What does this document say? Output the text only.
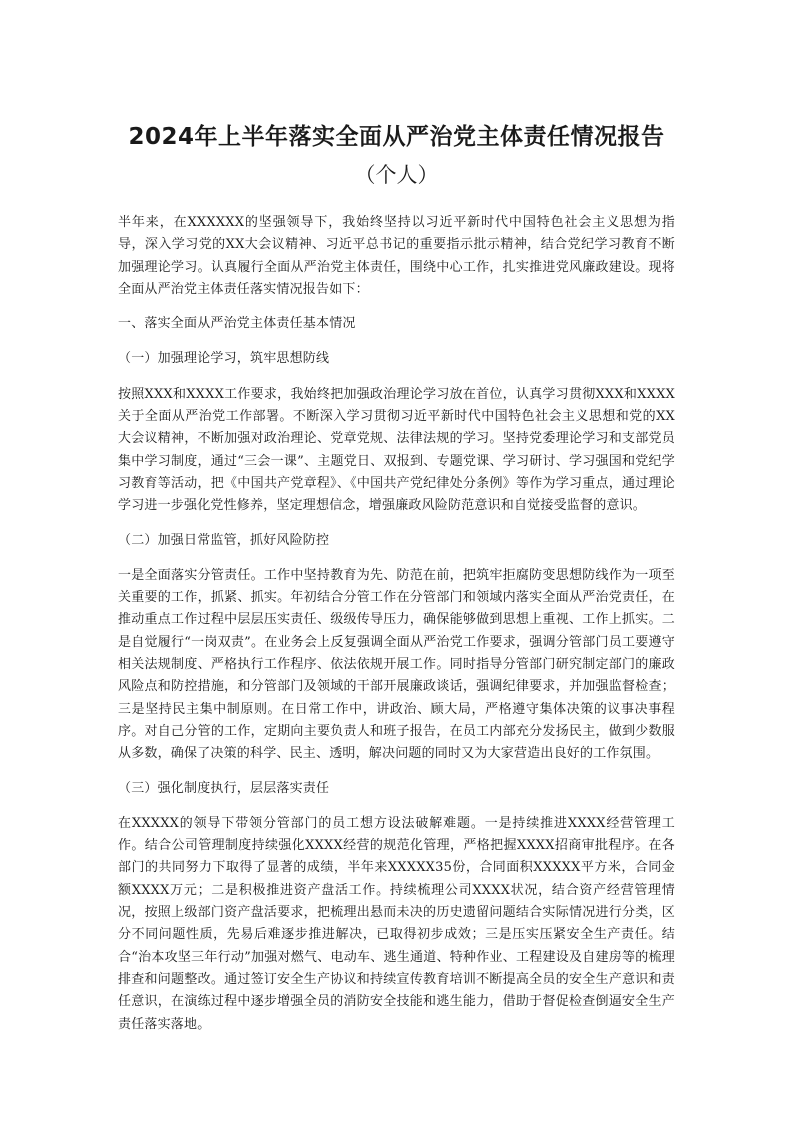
2024年上半年落实全面从严治党主体责任情况报告
（个人）

半年来，在XXXXXX的坚强领导下，我始终坚持以习近平新时代中国特色社会主义思想为指导，深入学习党的XX大会议精神、习近平总书记的重要指示批示精神，结合党纪学习教育不断加强理论学习。认真履行全面从严治党主体责任，围绕中心工作，扎实推进党风廉政建设。现将全面从严治党主体责任落实情况报告如下：

一、落实全面从严治党主体责任基本情况
（一）加强理论学习，筑牢思想防线

按照XXX和XXXX工作要求，我始终把加强政治理论学习放在首位，认真学习贯彻XXX和XXXX关于全面从严治党工作部署。不断深入学习贯彻习近平新时代中国特色社会主义思想和党的XX大会议精神，不断加强对政治理论、党章党规、法律法规的学习。坚持党委理论学习和支部党员集中学习制度，通过“三会一课”、主题党日、双报到、专题党课、学习研讨、学习强国和党纪学习教育等活动，把《中国共产党章程》、《中国共产党纪律处分条例》等作为学习重点，通过理论学习进一步强化党性修养，坚定理想信念，增强廉政风险防范意识和自觉接受监督的意识。

（二）加强日常监管，抓好风险防控

一是全面落实分管责任。工作中坚持教育为先、防范在前，把筑牢拒腐防变思想防线作为一项至关重要的工作，抓紧、抓实。年初结合分管工作在分管部门和领域内落实全面从严治党责任，在推动重点工作过程中层层压实责任、级级传导压力，确保能够做到思想上重视、工作上抓实。二是自觉履行“一岗双责”。在业务会上反复强调全面从严治党工作要求，强调分管部门员工要遵守相关法规制度、严格执行工作程序、依法依规开展工作。同时指导分管部门研究制定部门的廉政风险点和防控措施，和分管部门及领域的干部开展廉政谈话，强调纪律要求，并加强监督检查；三是坚持民主集中制原则。在日常工作中，讲政治、顾大局，严格遵守集体决策的议事决事程序。对自己分管的工作，定期向主要负责人和班子报告，在员工内部充分发扬民主，做到少数服从多数，确保了决策的科学、民主、透明，解决问题的同时又为大家营造出良好的工作氛围。

（三）强化制度执行，层层落实责任

在XXXXX的领导下带领分管部门的员工想方设法破解难题。一是持续推进XXXX经营管理工作。结合公司管理制度持续强化XXXX经营的规范化管理，严格把握XXXX招商审批程序。在各部门的共同努力下取得了显著的成绩，半年来XXXXX35份，合同面积XXXXX平方米，合同金额XXXX万元；二是积极推进资产盘活工作。持续梳理公司XXXX状况，结合资产经营管理情况，按照上级部门资产盘活要求，把梳理出悬而未决的历史遗留问题结合实际情况进行分类，区分不同问题性质，先易后难逐步推进解决，已取得初步成效；三是压实压紧安全生产责任。结合“治本攻坚三年行动”加强对燃气、电动车、逃生通道、特种作业、工程建设及自建房等的梳理排查和问题整改。通过签订安全生产协议和持续宣传教育培训不断提高全员的安全生产意识和责任意识，在演练过程中逐步增强全员的消防安全技能和逃生能力，借助于督促检查倒逼安全生产责任落实落地。
